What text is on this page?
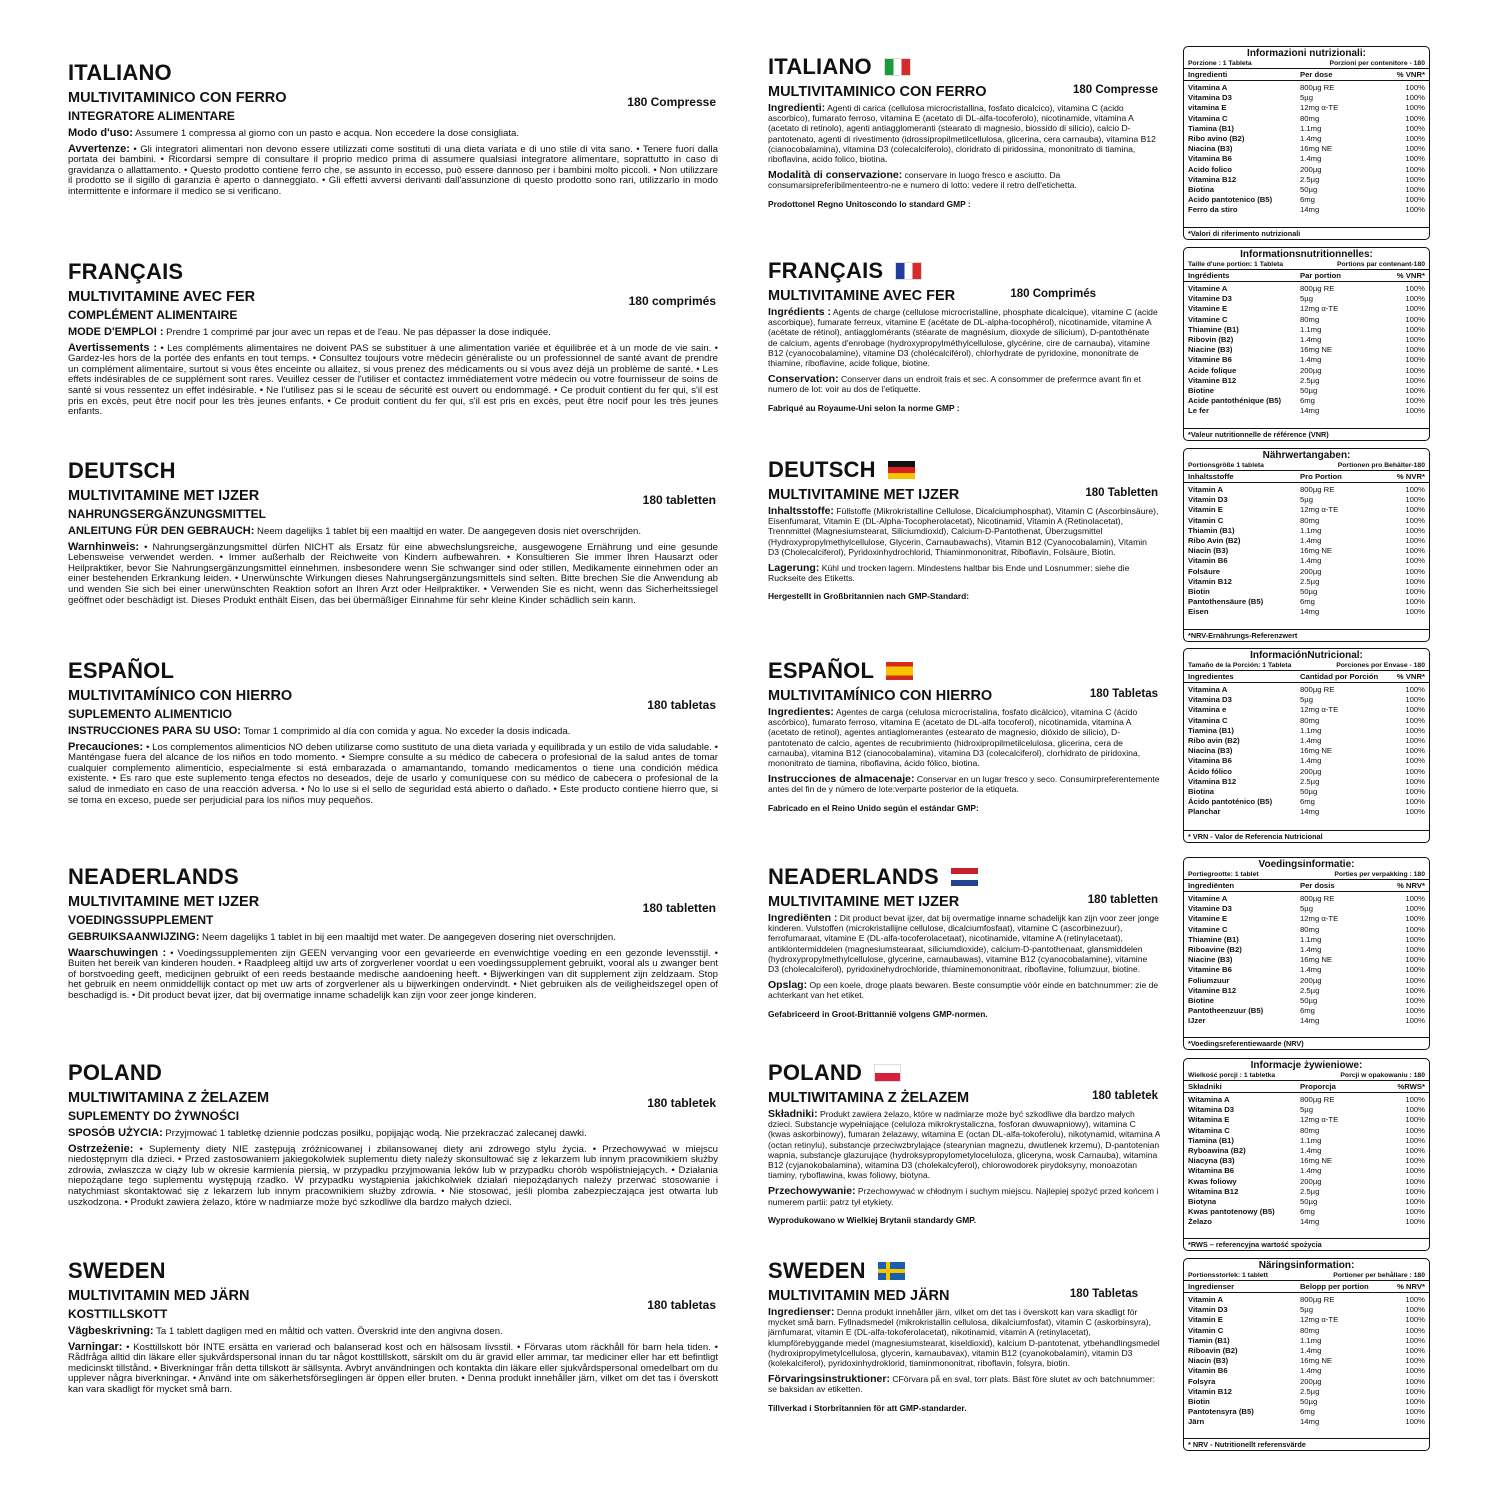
ITALIANO
MULTIVITAMINICO CON FERRO	180 Compresse
INTEGRATORE ALIMENTARE
Modo d'uso: Assumere 1 compressa al giorno con un pasto e acqua. Non eccedere la dose consigliata.
Avvertenze: • Gli integratori alimentari non devono essere utilizzati come sostituti di una dieta variata e di uno stile di vita sano. • Tenere fuori dalla portata dei bambini. • Ricordarsi sempre di consultare il proprio medico prima di assumere qualsiasi integratore alimentare, soprattutto in caso di gravidanza o allattamento. • Questo prodotto contiene ferro che, se assunto in eccesso, può essere dannoso per i bambini molto piccoli. • Non utilizzare il prodotto se il sigillo di garanzia è aperto o danneggiato. • Gli effetti avversi derivanti dall'assunzione di questo prodotto sono rari, utilizzarlo in modo intermittente e informare il medico se si verificano.
FRANÇAIS
MULTIVITAMINE AVEC FER	180 comprimés
COMPLÉMENT ALIMENTAIRE
MODE D'EMPLOI : Prendre 1 comprimé par jour avec un repas et de l'eau. Ne pas dépasser la dose indiquée.
Avertissements : • Les compléments alimentaires ne doivent PAS se substituer à une alimentation variée et équilibrée et à un mode de vie sain. • Gardez-les hors de la portée des enfants en tout temps. • Consultez toujours votre médecin généraliste ou un professionnel de santé avant de prendre un complément alimentaire, surtout si vous êtes enceinte ou allaitez, si vous prenez des médicaments ou si vous avez déjà un problème de santé. • Les effets indésirables de ce supplément sont rares. Veuillez cesser de l'utiliser et contactez immédiatement votre médecin ou votre fournisseur de soins de santé si vous ressentez un effet indésirable. • Ne l'utilisez pas si le sceau de sécurité est ouvert ou endommagé. • Ce produit contient du fer qui, s'il est pris en excès, peut être nocif pour les très jeunes enfants. • Ce produit contient du fer qui, s'il est pris en excès, peut être nocif pour les très jeunes enfants.
DEUTSCH
MULTIVITAMINE MET IJZER	180 tabletten
NAHRUNGSERGÄNZUNGSMITTEL
ANLEITUNG FÜR DEN GEBRAUCH: Neem dagelijks 1 tablet bij een maaltijd en water. De aangegeven dosis niet overschrijden.
Warnhinweis: • Nahrungsergänzungsmittel dürfen NICHT als Ersatz für eine abwechslungsreiche, ausgewogene Ernährung und eine gesunde Lebensweise verwendet werden. • Immer außerhalb der Reichweite von Kindern aufbewahren. • Konsultieren Sie immer Ihren Hausarzt oder Heilpraktiker, bevor Sie Nahrungsergänzungsmittel einnehmen. insbesondere wenn Sie schwanger sind oder stillen, Medikamente einnehmen oder an einer bestehenden Erkrankung leiden. • Unerwünschte Wirkungen dieses Nahrungsergänzungsmittels sind selten. Bitte brechen Sie die Anwendung ab und wenden Sie sich bei einer unerwünschten Reaktion sofort an Ihren Arzt oder Heilpraktiker. • Verwenden Sie es nicht, wenn das Sicherheitssiegel geöffnet oder beschädigt ist. Dieses Produkt enthält Eisen, das bei übermäßiger Einnahme für sehr kleine Kinder schädlich sein kann.
ESPAÑOL
MULTIVITAMÍNICO CON HIERRO
180 tabletas
SUPLEMENTO ALIMENTICIO
INSTRUCCIONES PARA SU USO: Tomar 1 comprimido al día con comida y agua. No exceder la dosis indicada.
Precauciones: • Los complementos alimenticios NO deben utilizarse como sustituto de una dieta variada y equilibrada y un estilo de vida saludable. • Manténgase fuera del alcance de los niños en todo momento. • Siempre consulte a su médico de cabecera o profesional de la salud antes de tomar cualquier complemento alimenticio, especialmente si está embarazada o amamantando, tomando medicamentos o tiene una condición médica existente. • Es raro que este suplemento tenga efectos no deseados, deje de usarlo y comuníquese con su médico de cabecera o profesional de la salud de inmediato en caso de una reacción adversa. • No lo use si el sello de seguridad está abierto o dañado. • Este producto contiene hierro que, si se toma en exceso, puede ser perjudicial para los niños muy pequeños.
NEADERLANDS
MULTIVITAMINE MET IJZER	180 tabletten
VOEDINGSSUPPLEMENT
GEBRUIKSAANWIJZING: Neem dagelijks 1 tablet in bij een maaltijd met water. De aangegeven dosering niet overschrijden.
Waarschuwingen : • Voedingssupplementen zijn GEEN vervanging voor een gevarieerde en evenwichtige voeding en een gezonde levensstijl. • Buiten het bereik van kinderen houden. • Raadpleeg altijd uw arts of zorgverlener voordat u een voedingssupplement gebruikt, vooral als u zwanger bent of borstvoeding geeft, medicijnen gebruikt of een reeds bestaande medische aandoening heeft. • Bijwerkingen van dit supplement zijn zeldzaam. Stop het gebruik en neem onmiddellijk contact op met uw arts of zorgverlener als u bijwerkingen ondervindt. • Niet gebruiken als de veiligheidszegel open of beschadigd is. • Dit product bevat ijzer, dat bij overmatige inname schadelijk kan zijn voor zeer jonge kinderen.
POLAND
MULTIWITAMINA Z ŻELAZEM	180 tabletek
SUPLEMENTY DO ŻYWNOŚCI
SPOSÓB UŻYCIA: Przyjmować 1 tabletkę dziennie podczas posiłku, popijając wodą. Nie przekraczać zalecanej dawki.
Ostrzeżenie: • Suplementy diety NIE zastępują zróżnicowanej i zbilansowanej diety ani zdrowego stylu życia. • Przechowywać w miejscu niedostępnym dla dzieci. • Przed zastosowaniem jakiegokolwiek suplementu diety należy skonsultować się z lekarzem lub innym pracownikiem służby zdrowia, zwłaszcza w ciąży lub w okresie karmienia piersią, w przypadku przyjmowania leków lub w przypadku chorób współistniejących. • Działania niepożądane tego suplementu występują rzadko. W przypadku wystąpienia jakichkolwiek działań niepożądanych należy przerwać stosowanie i natychmiast skontaktować się z lekarzem lub innym pracownikiem służby zdrowia. • Nie stosować, jeśli plomba zabezpieczająca jest otwarta lub uszkodzona. • Produkt zawiera żelazo, które w nadmiarze może być szkodliwe dla bardzo małych dzieci.
SWEDEN
MULTIVITAMIN MED JÄRN
180 tabletas
KOSTTILLSKOTT
Vägbeskrivning: Ta 1 tablett dagligen med en måltid och vatten. Överskrid inte den angivna dosen.
Varningar: • Kosttillskott bör INTE ersätta en varierad och balanserad kost och en hälsosam livsstil. • Förvaras utom räckhåll för barn hela tiden. • Rådfråga alltid din läkare eller sjukvårdspersonal innan du tar något kosttillskott, särskilt om du är gravid eller ammar, tar mediciner eller har ett befintligt medicinskt tillstånd. • Biverkningar från detta tillskott är sällsynta. Avbryt användningen och kontakta din läkare eller sjukvårdspersonal omedelbart om du upplever några biverkningar. • Använd inte om säkerhetsförseglingen är öppen eller bruten. • Denna produkt innehåller järn, vilket om det tas i överskott kan vara skadligt för mycket små barn.
ITALIANO
MULTIVITAMINICO CON FERRO	180 Compresse
Ingredienti: Agenti di carica (cellulosa microcristallina, fosfato dicalcico), vitamina C (acido ascorbico), fumarato ferroso, vitamina E (acetato di DL-alfa-tocoferolo), nicotinamide, vitamina A (acetato di retinolo), agenti antiagglomeranti (stearato di magnesio, biossido di silicio), calcio D-pantotenato, agenti di rivestimento (idrossipropilmetilcellulosa, glicerina, cera carnauba), vitamina B12 (cianocobalamina), vitamina D3 (colecalciferolo), cloridrato di piridossina, mononitrato di tiamina, riboflavina, acido folico, biotina.
Modalità di conservazione: conservare in luogo fresco e asciutto. Da consumarsipreferibilmenteentro-ne e numero di lotto: vedere il retro dell'etichetta.
Prodottonel Regno Unitoscondo lo standard GMP :
FRANÇAIS
MULTIVITAMINE AVEC FER	180 Comprimés
Ingrédients : Agents de charge (cellulose microcristalline, phosphate dicalcique), vitamine C (acide ascorbique), fumarate ferreux, vitamine E (acétate de DL-alpha-tocophérol), nicotinamide, vitamine A (acétate de rétinol), antiagglomérants (stéarate de magnésium, dioxyde de silicium), D-pantothénate de calcium, agents d'enrobage (hydroxypropylméthylcellulose, glycérine, cire de carnauba), vitamine B12 (cyanocobalamine), vitamine D3 (cholécalciférol), chlorhydrate de pyridoxine, mononitrate de thiamine, riboflavine, acide folique, biotine.
Conservation: Conserver dans un endroit frais et sec. A consommer de preferrnce avant fin et numero de lot: voir au dos de l'etiquette.
Fabriqué au Royaume-Uni selon la norme GMP :
DEUTSCH
MULTIVITAMINE MET IJZER	180 Tabletten
Inhaltsstoffe: Füllstoffe (Mikrokristalline Cellulose, Dicalciumphosphat), Vitamin C (Ascorbinsäure), Eisenfumarat, Vitamin E (DL-Alpha-Tocopherolacetat), Nicotinamid, Vitamin A (Retinolacetat), Trennmittel (Magnesiumstearat, Siliciumdioxid), Calcium-D-Pantothenat, Überzugsmittel (Hydroxypropylmethylcellulose, Glycerin, Carnaubawachs), Vitamin B12 (Cyanocobalamin), Vitamin D3 (Cholecalciferol), Pyridoxinhydrochlorid, Thiaminmononitrat, Riboflavin, Folsäure, Biotin.
Lagerung: Kühl und trocken lagern. Mindestens haltbar bis Ende und Losnummer: siehe die Ruckseite des Etiketts.
Hergestellt in Großbritannien nach GMP-Standard:
ESPAÑOL
MULTIVITAMÍNICO CON HIERRO	180 Tabletas
Ingredientes: Agentes de carga (celulosa microcristalina, fosfato dicálcico), vitamina C (ácido ascórbico), fumarato ferroso, vitamina E (acetato de DL-alfa tocoferol), nicotinamida, vitamina A (acetato de retinol), agentes antiaglomerantes (estearato de magnesio, dióxido de silicio), D-pantotenato de calcio, agentes de recubrimiento (hidroxipropilmetilcelulosa, glicerina, cera de carnauba), vitamina B12 (cianocobalamina), vitamina D3 (colecalciferol), clorhidrato de piridoxina, mononitrato de tiamina, riboflavina, ácido fólico, biotina.
Instrucciones de almacenaje: Conservar en un lugar fresco y seco. Consumirpreferentemente antes del fin de y número de lote:verparte posterior de la etiqueta.
Fabricado en el Reino Unido según el estándar GMP:
NEADERLANDS
MULTIVITAMINE MET IJZER	180 tabletten
Ingrediënten : Dit product bevat ijzer, dat bij overmatige inname schadelijk kan zijn voor zeer jonge kinderen. Vulstoffen (microkristallijne cellulose, dicalciumfosfaat), vitamine C (ascorbinezuur), ferrofumaraat, vitamine E (DL-alfa-tocoferolacetaat), nicotinamide, vitamine A (retinylacetaat), antiklontermiddelen (magnesiumstearaat, siliciumdioxide), calcium-D-pantothenaat, glansmiddelen (hydroxypropylmethylcellulose, glycerine, carnaubawas), vitamine B12 (cyanocobalamine), vitamine D3 (cholecalciferol), pyridoxinehydrochloride, thiaminemononitraat, riboflavine, foliumzuur, biotine.
Opslag: Op een koele, droge plaats bewaren. Beste consumptie vóór einde en batchnummer: zie de achterkant van het etiket.
Gefabriceerd in Groot-Brittannië volgens GMP-normen.
POLAND
MULTIWITAMINA Z ŻELAZEM	180 tabletek
Składniki: Produkt zawiera żelazo, które w nadmiarze może być szkodliwe dla bardzo małych dzieci. Substancje wypełniające (celuloza mikrokrystaliczna, fosforan dwuwapniowy), witamina C (kwas askorbinowy), fumaran żelazawy, witamina E (octan DL-alfa-tokoferolu), nikotynamid, witamina A (octan retinylu), substancje przeciwzbrylające (stearynian magnezu, dwutlenek krzemu), D-pantotenian wapnia, substancje glazurujące (hydroksypropylometyloceluloza, gliceryna, wosk Carnauba), witamina B12 (cyjanokobalamina), witamina D3 (cholekalcyferol), chlorowodorek pirydoksyny, monoazotan tiaminy, ryboflawina, kwas foliowy, biotyna.
Przechowywanie: Przechowywać w chłodnym i suchym miejscu. Najlepiej spożyć przed końcem i numerem partii: patrz tył etykiety.
Wyprodukowano w Wielkiej Brytanii standardy GMP.
SWEDEN
MULTIVITAMIN MED JÄRN	180 Tabletas
Ingredienser: Denna produkt innehåller järn, vilket om det tas i överskott kan vara skadligt för mycket små barn. Fyllnadsmedel (mikrokristallin cellulosa, dikalciumfosfat), vitamin C (askorbinsyra), järnfumarat, vitamin E (DL-alfa-tokoferolacetat), nikotinamid, vitamin A (retinylacetat), klumpförebyggande medel (magnesiumstearat, kiseldioxid), kalcium D-pantotenat, ytbehandlingsmedel (hydroxipropylmetylcellulosa, glycerin, karnaubavax), vitamin B12 (cyanokobalamin), vitamin D3 (kolekalciferol), pyridoxinhydroklorid, tiaminmononitrat, riboflavin, folsyra, biotin.
Förvaringsinstruktioner: CFörvara på en sval, torr plats. Bäst före slutet av och batchnummer: se baksidan av etiketten.
Tillverkad i Storbritannien för att GMP-standarder.
Informazioni nutrizionali:
Porzione : 1 Tableta	Porzioni per contenitore - 180
Ingredienti	Per dose	% VNR*
Vitamina A	800µg RE	100%
Vitamina D3	5µg	100%
vitamina E	12mg α-TE	100%
Vitamina C	80mg	100%
Tiamina (B1)	1.1mg	100%
Ribo avino (B2)	1.4mg	100%
Niacina (B3)	16mg NE	100%
Vitamina B6	1.4mg	100%
Acido folico	200µg	100%
Vitamina B12	2.5µg	100%
Biotina	50µg	100%
Acido pantotenico (B5)	6mg	100%
Ferro da stiro	14mg	100%
*Valori di riferimento nutrizionali
Informationsnutritionnelles:
Taille d'une portion: 1 Tableta	Portions par contenant-180
Ingrédients	Par portion	% VNR*
Vitamine A	800µg RE	100%
Vitamine D3	5µg	100%
Vitamine E	12mg α-TE	100%
Vitamine C	80mg	100%
Thiamine (B1)	1.1mg	100%
Ribovin (B2)	1.4mg	100%
Niacine (B3)	16mg NE	100%
Vitamine B6	1.4mg	100%
Acide folique	200µg	100%
Vitamine B12	2.5µg	100%
Biotine	50µg	100%
Acide pantothénique (B5)	6mg	100%
Le fer	14mg	100%
*Valeur nutritionnelle de référence (VNR)
Nährwertangaben:
Portionsgröße 1 tableta	Portionen pro Behälter-180
Inhaltsstoffe	Pro Portion	% NVR*
Vitamin A	800µg RE	100%
Vitamin D3	5µg	100%
Vitamin E	12mg α-TE	100%
Vitamin C	80mg	100%
Thiamin (B1)	1.1mg	100%
Ribo Avin (B2)	1.4mg	100%
Niacin (B3)	16mg NE	100%
Vitamin B6	1.4mg	100%
Folsäure	200µg	100%
Vitamin B12	2.5µg	100%
Biotin	50µg	100%
Pantothensäure (B5)	6mg	100%
Eisen	14mg	100%
*NRV-Ernährungs-Referenzwert
InformaciónNutricional:
Tamaño de la Porción: 1 Tableta	Porciones por Envase - 180
Ingredientes	Cantidad por Porción	% VNR*
Vitamina A	800µg RE	100%
Vitamina D3	5µg	100%
Vitamina e	12mg α-TE	100%
Vitamina C	80mg	100%
Tiamina (B1)	1.1mg	100%
Ribo avin (B2)	1.4mg	100%
Niacina (B3)	16mg NE	100%
Vitamina B6	1.4mg	100%
Ácido fólico	200µg	100%
Vitamina B12	2.5µg	100%
Biotina	50µg	100%
Ácido pantoténico (B5)	6mg	100%
Planchar	14mg	100%
* VRN - Valor de Referencia Nutricional
Voedingsinformatie:
Portiegrootte: 1 tablet	Porties per verpakking : 180
Ingrediënten	Per dosis	% NRV*
Vitamine A	800µg RE	100%
Vitamine D3	5µg	100%
Vitamine E	12mg α-TE	100%
Vitamine C	80mg	100%
Thiamine (B1)	1.1mg	100%
Riboavine (B2)	1.4mg	100%
Niacine (B3)	16mg NE	100%
Vitamine B6	1.4mg	100%
Foliumzuur	200µg	100%
Vitamine B12	2.5µg	100%
Biotine	50µg	100%
Pantotheenzuur (B5)	6mg	100%
IJzer	14mg	100%
*Voedingsreferentiewaarde (NRV)
Informacje żywieniowe:
Wielkość porcji : 1 tabletka	Porcji w opakowaniu : 180
Składniki	Proporcja	%RWS*
Witamina A	800µg RE	100%
Witamina D3	5µg	100%
Witamina E	12mg α-TE	100%
Witamina C	80mg	100%
Tiamina (B1)	1.1mg	100%
Ryboawina (B2)	1.4mg	100%
Niacyna (B3)	16mg NE	100%
Witamina B6	1.4mg	100%
Kwas foliowy	200µg	100%
Witamina B12	2.5µg	100%
Biotyna	50µg	100%
Kwas pantotenowy (B5)	6mg	100%
Żelazo	14mg	100%
*RWS – referencyjna wartość spożycia
Näringsinformation:
Portionsstorlek: 1 tablett	Portioner per behållare : 180
Ingredienser	Belopp per portion	% NRV*
Vitamin A	800µg RE	100%
Vitamin D3	5µg	100%
Vitamin E	12mg α-TE	100%
Vitamin C	80mg	100%
Tiamin (B1)	1.1mg	100%
Riboavin (B2)	1.4mg	100%
Niacin (B3)	16mg NE	100%
Vitamin B6	1.4mg	100%
Folsyra	200µg	100%
Vitamin B12	2.5µg	100%
Biotin	50µg	100%
Pantotensyra (B5)	6mg	100%
Järn	14mg	100%
* NRV - Nutritionellt referensvärde
